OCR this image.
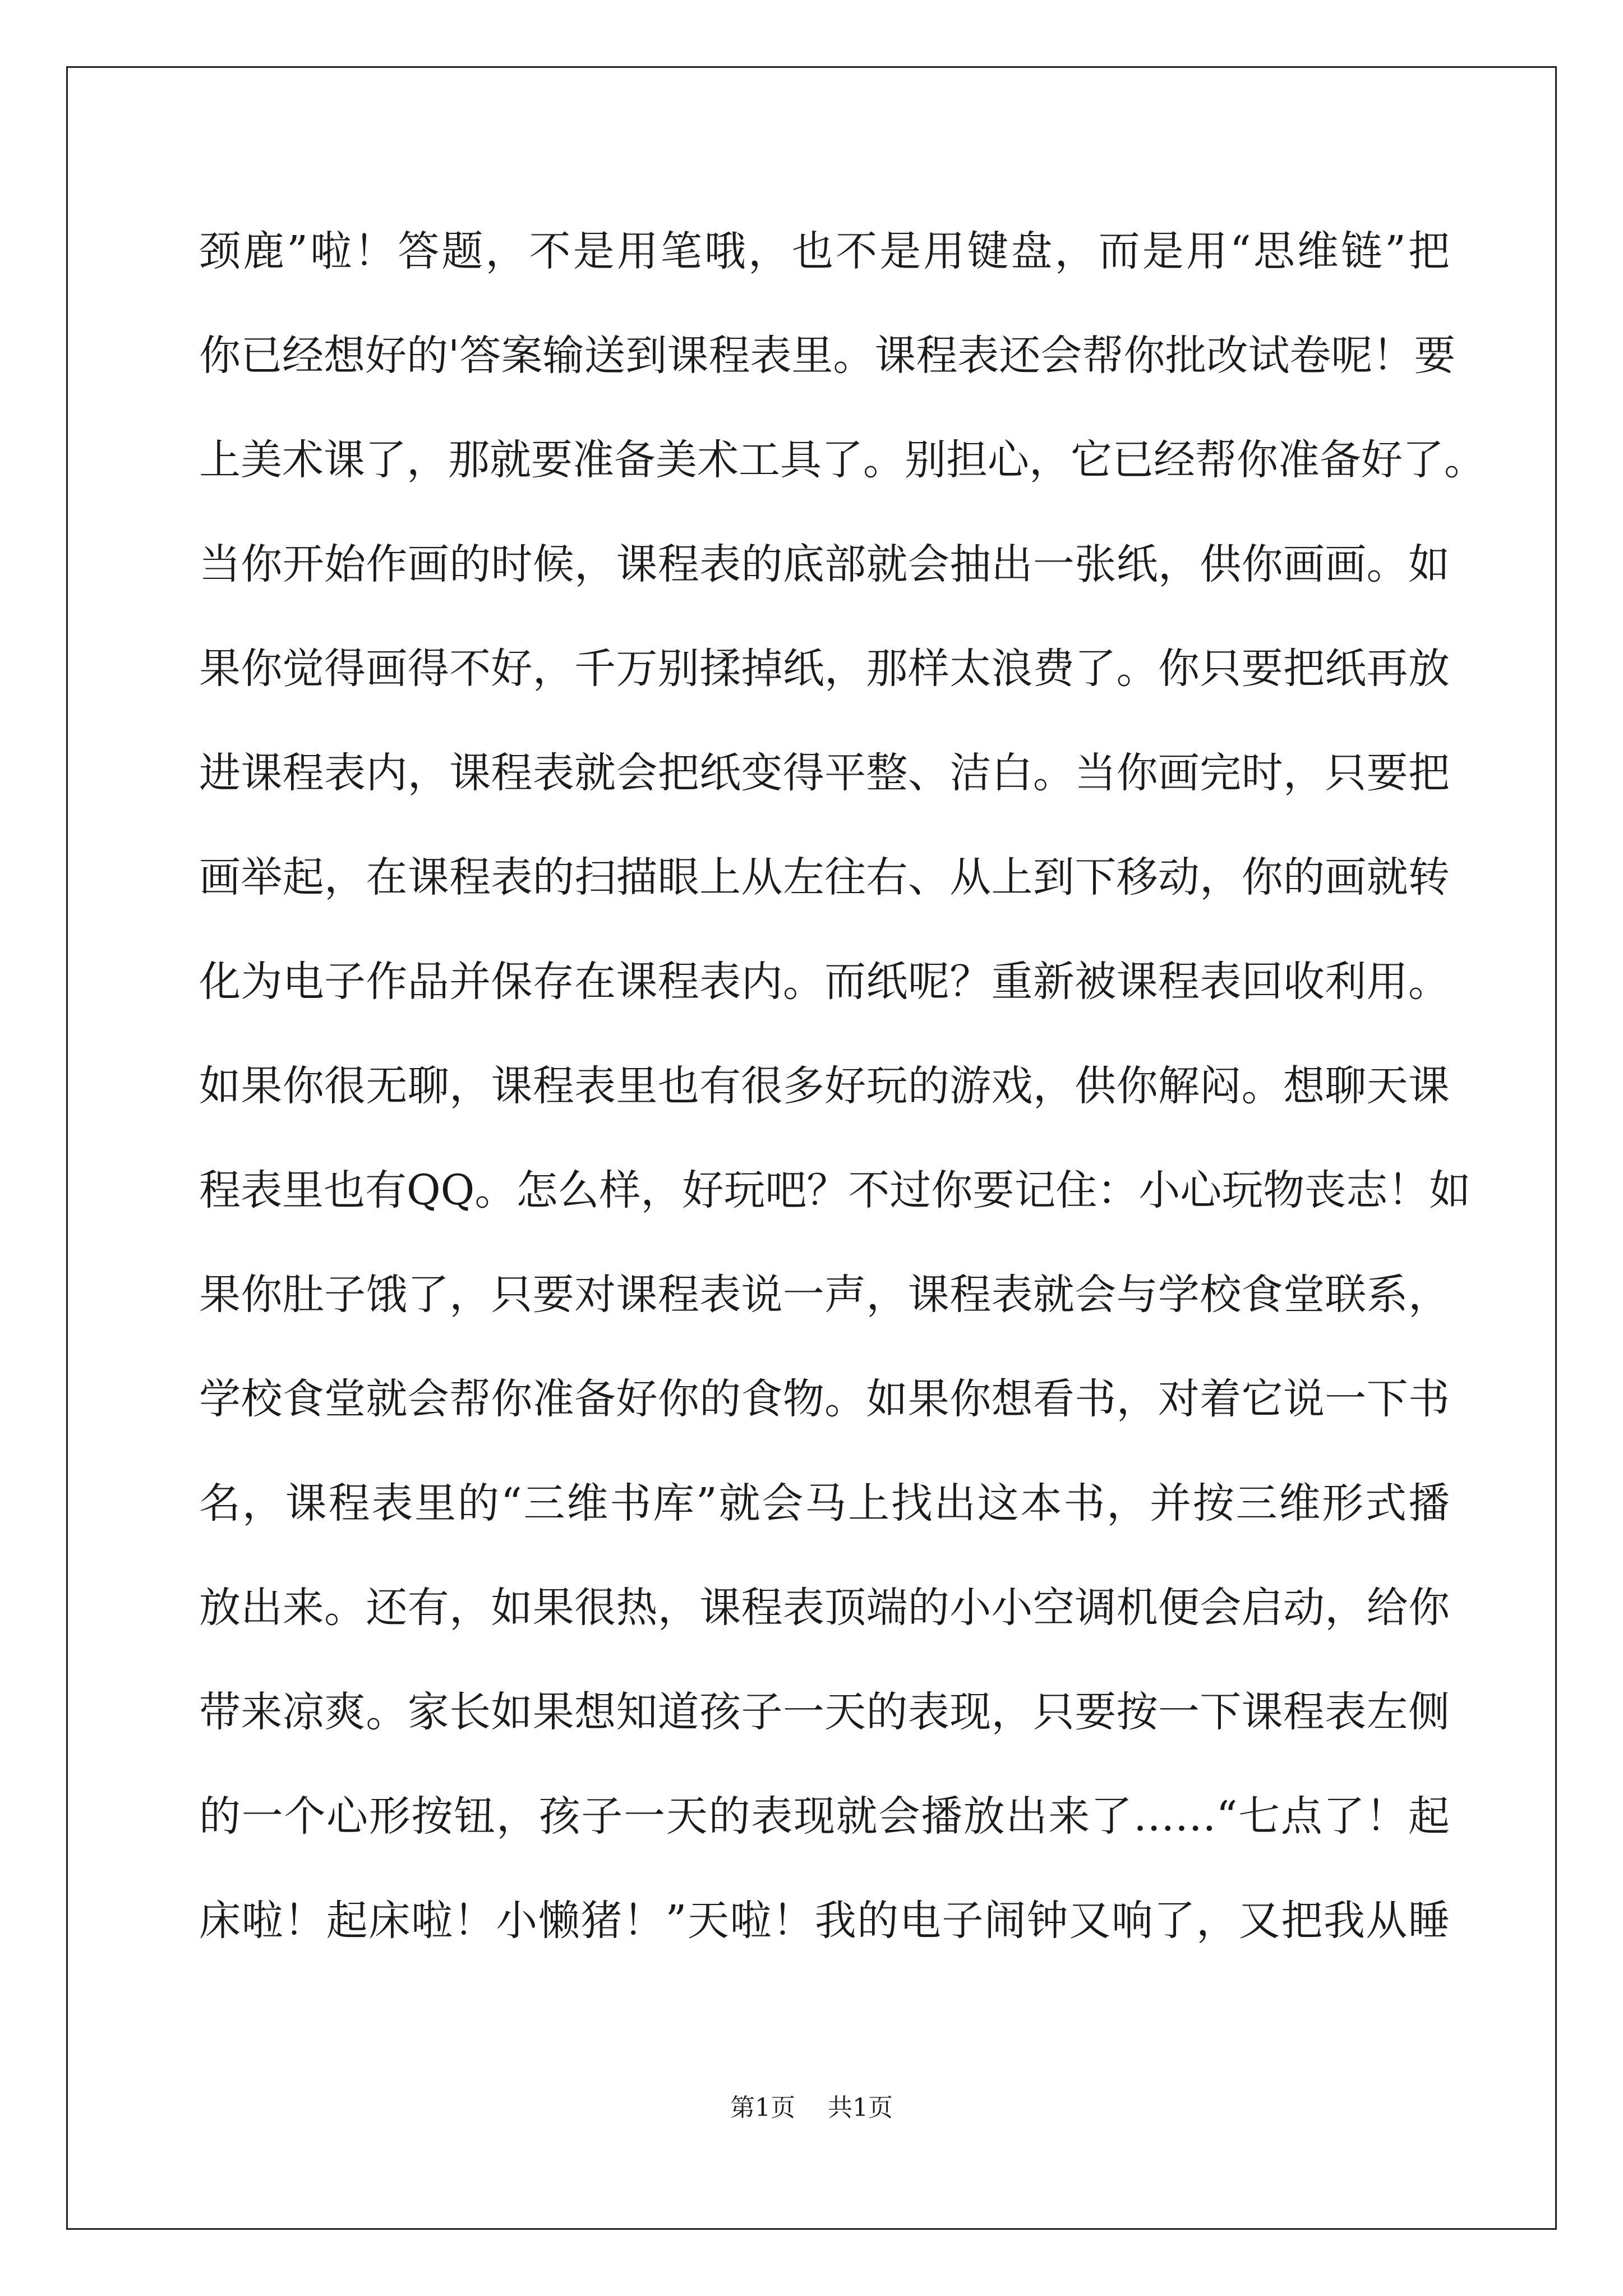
颈鹿”啦！答题，不是用笔哦，也不是用键盘，而是用“思维链”把
你已经想好的'答案输送到课程表里。课程表还会帮你批改试卷呢！要
上美术课了，那就要准备美术工具了。别担心，它已经帮你准备好了。
当你开始作画的时候，课程表的底部就会抽出一张纸，供你画画。如
果你觉得画得不好，千万别揉掉纸，那样太浪费了。你只要把纸再放
进课程表内，课程表就会把纸变得平整、洁白。当你画完时，只要把
画举起，在课程表的扫描眼上从左往右、从上到下移动，你的画就转
化为电子作品并保存在课程表内。而纸呢？重新被课程表回收利用。
如果你很无聊，课程表里也有很多好玩的游戏，供你解闷。想聊天课
程表里也有QQ。怎么样，好玩吧？不过你要记住：小心玩物丧志！如
果你肚子饿了，只要对课程表说一声，课程表就会与学校食堂联系，
学校食堂就会帮你准备好你的食物。如果你想看书，对着它说一下书
名，课程表里的“三维书库”就会马上找出这本书，并按三维形式播
放出来。还有，如果很热，课程表顶端的小小空调机便会启动，给你
带来凉爽。家长如果想知道孩子一天的表现，只要按一下课程表左侧
的一个心形按钮，孩子一天的表现就会播放出来了……“七点了！起
床啦！起床啦！小懒猪！”天啦！我的电子闹钟又响了，又把我从睡
第1页 共1页
